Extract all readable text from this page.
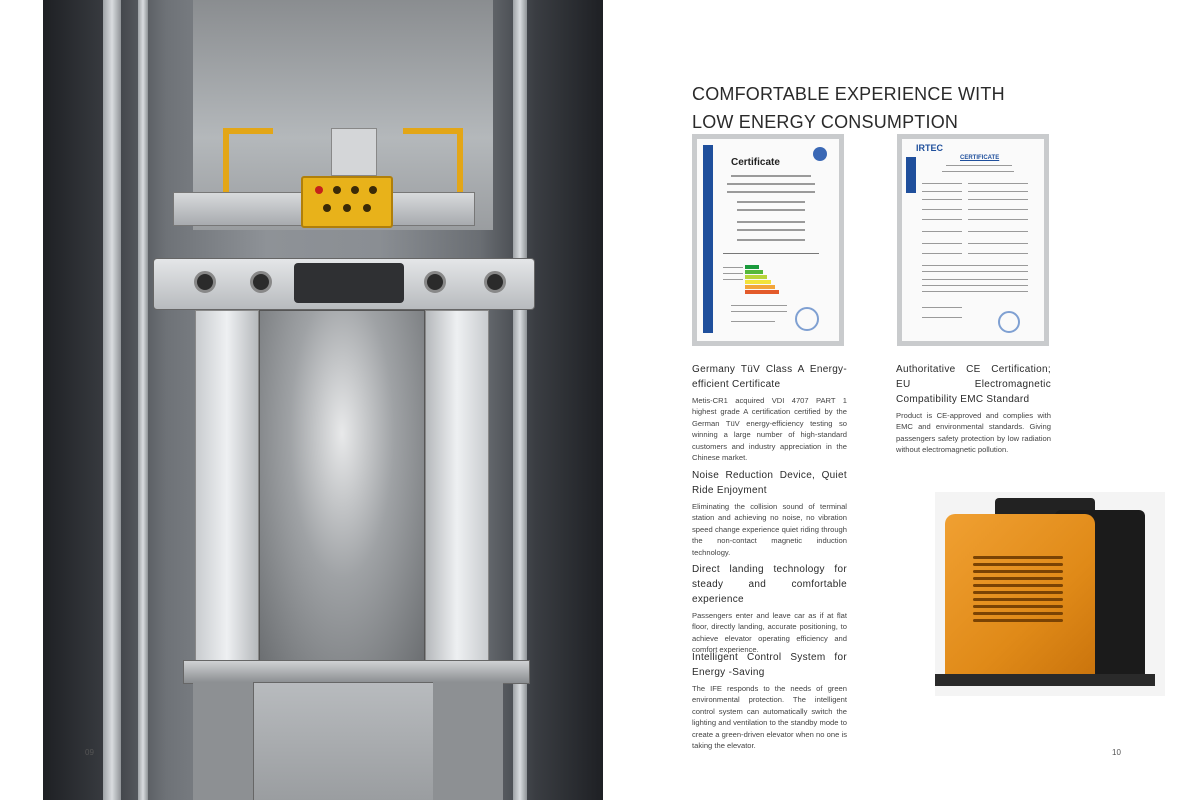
09	10
COMFORTABLE EXPERIENCE WITH
LOW ENERGY CONSUMPTION
Certificate
IRTEC
CERTIFICATE

Germany TüV Class A Energy-efficient Certificate

Metis-CR1 acquired VDI 4707 PART 1 highest grade A certification certified by the German TüV energy-efficiency testing so winning a large number of high-standard customers and industry appreciation in the Chinese market.

Authoritative CE Certification; EU Electromagnetic Compatibility EMC Standard

Product is CE-approved and complies with EMC and environmental standards. Giving passengers safety protection by low radiation without electromagnetic pollution.

Noise Reduction Device, Quiet Ride Enjoyment

Eliminating the collision sound of terminal station and achieving no noise, no vibration speed change experience quiet riding through the non-contact magnetic induction technology.

Direct landing technology for steady and comfortable experience

Passengers enter and leave car as if at flat floor, directly landing, accurate positioning, to achieve elevator operating efficiency and comfort experience.

Intelligent Control System for Energy -Saving

The IFE responds to the needs of green environmental protection. The intelligent control system can automatically switch the lighting and ventilation to the standby mode to create a green-driven elevator when no one is taking the elevator.
